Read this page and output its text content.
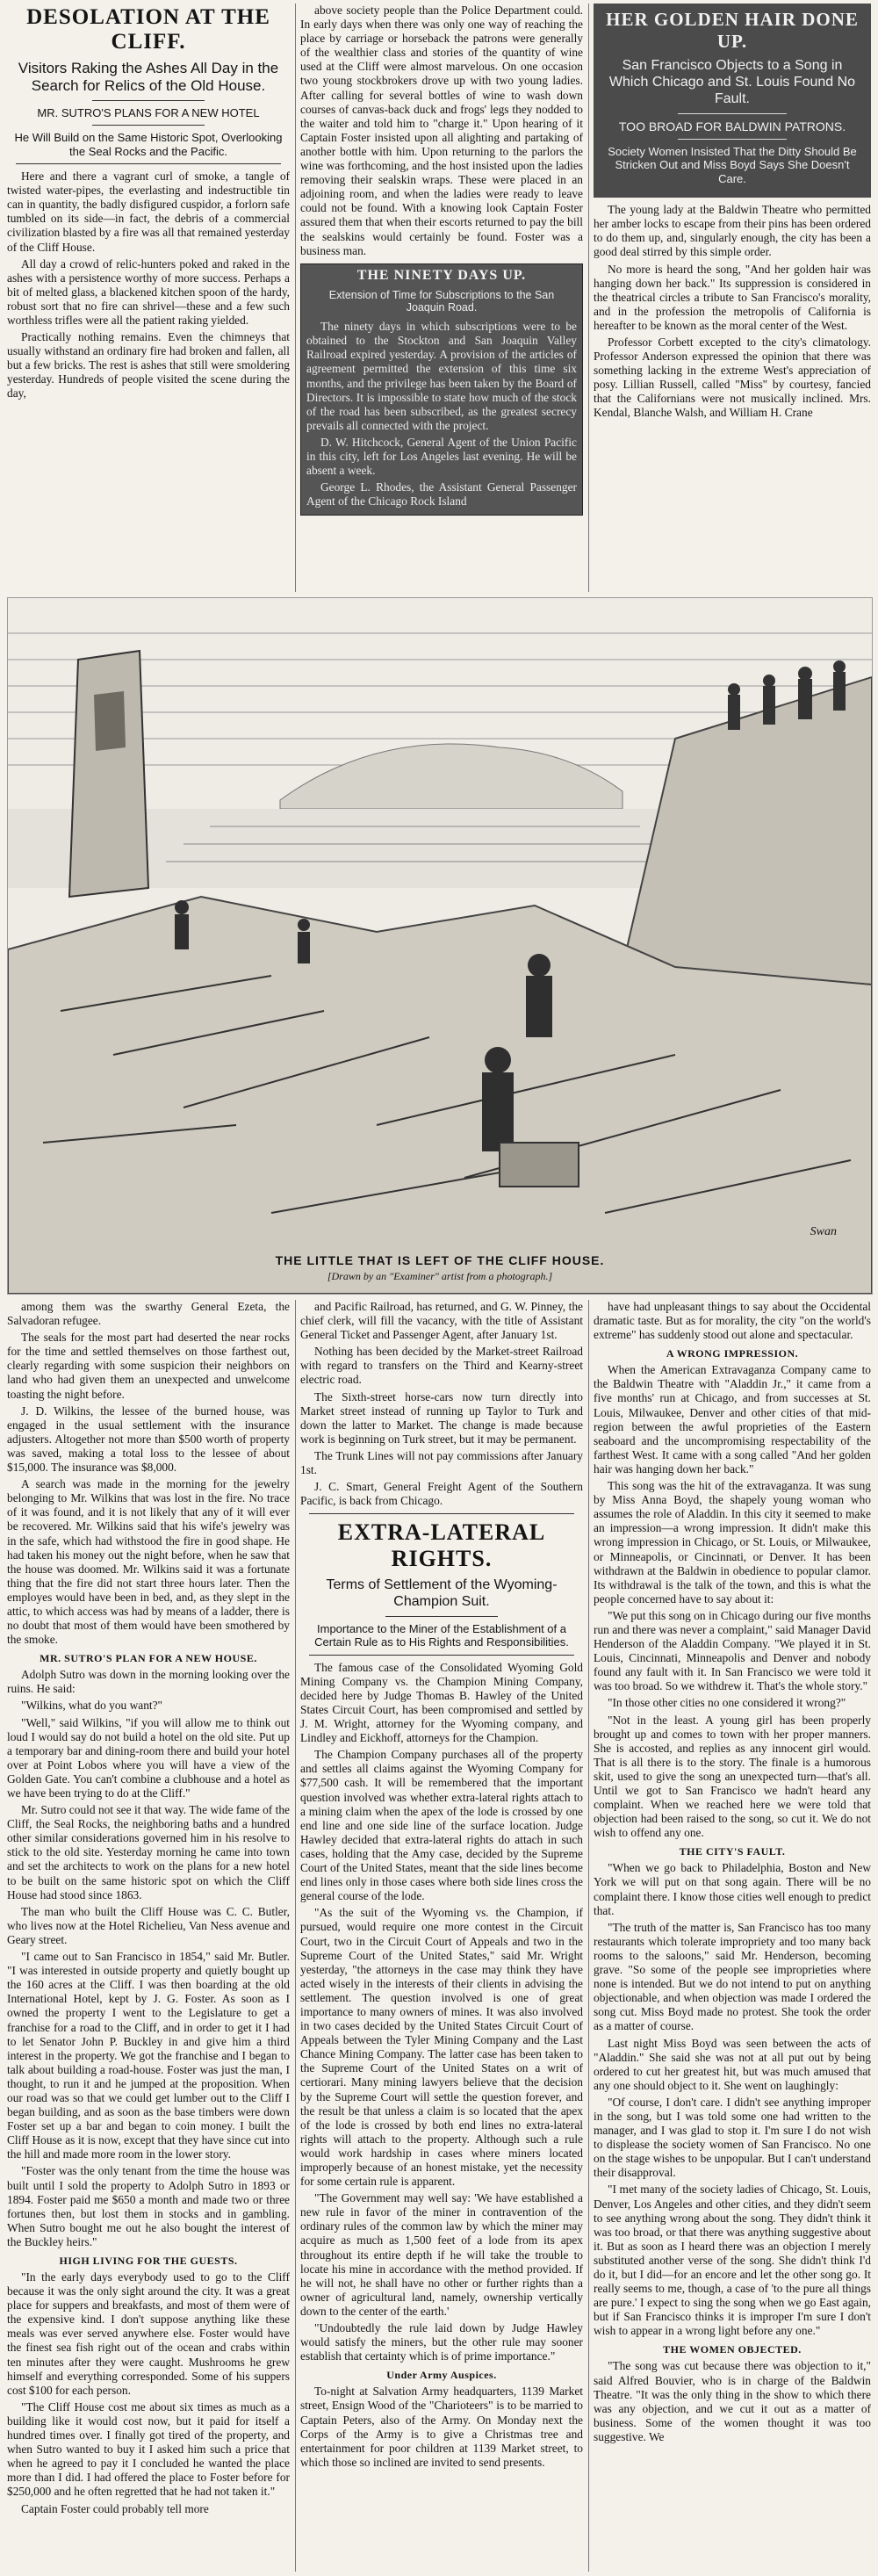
DESOLATION AT THE CLIFF.
Visitors Raking the Ashes All Day in the Search for Relics of the Old House.
MR. SUTRO'S PLANS FOR A NEW HOTEL
He Will Build on the Same Historic Spot, Overlooking the Seal Rocks and the Pacific.

Here and there a vagrant curl of smoke, a tangle of twisted water-pipes, the everlasting and indestructible tin can in quantity, the badly disfigured cuspidor, a forlorn safe tumbled on its side—in fact, the debris of a commercial civilization blasted by a fire was all that remained yesterday of the Cliff House.

All day a crowd of relic-hunters poked and raked in the ashes with a persistence worthy of more success. Perhaps a bit of melted glass, a blackened kitchen spoon of the hardy, robust sort that no fire can shrivel—these and a few such worthless trifles were all the patient raking yielded.

Practically nothing remains. Even the chimneys that usually withstand an ordinary fire had broken and fallen, all but a few bricks. The rest is ashes that still were smoldering yesterday. Hundreds of people visited the scene during the day,

above society people than the Police Department could. In early days when there was only one way of reaching the place by carriage or horseback the patrons were generally of the wealthier class and stories of the quantity of wine used at the Cliff were almost marvelous. On one occasion two young stockbrokers drove up with two young ladies. After calling for several bottles of wine to wash down courses of canvas-back duck and frogs' legs they nodded to the waiter and told him to "charge it." Upon hearing of it Captain Foster insisted upon all alighting and partaking of another bottle with him. Upon returning to the parlors the wine was forthcoming, and the host insisted upon the ladies removing their sealskin wraps. These were placed in an adjoining room, and when the ladies were ready to leave could not be found. With a knowing look Captain Foster assured them that when their escorts returned to pay the bill the sealskins would certainly be found. Foster was a business man.

THE NINETY DAYS UP.
Extension of Time for Subscriptions to the San Joaquin Road.

The ninety days in which subscriptions were to be obtained to the Stockton and San Joaquin Valley Railroad expired yesterday. A provision of the articles of agreement permitted the extension of this time six months, and the privilege has been taken by the Board of Directors. It is impossible to state how much of the stock of the road has been subscribed, as the greatest secrecy prevails all connected with the project.

D. W. Hitchcock, General Agent of the Union Pacific in this city, left for Los Angeles last evening. He will be absent a week.

George L. Rhodes, the Assistant General Passenger Agent of the Chicago Rock Island

HER GOLDEN HAIR DONE UP.
San Francisco Objects to a Song in Which Chicago and St. Louis Found No Fault.
TOO BROAD FOR BALDWIN PATRONS.
Society Women Insisted That the Ditty Should Be Stricken Out and Miss Boyd Says She Doesn't Care.

The young lady at the Baldwin Theatre who permitted her amber locks to escape from their pins has been ordered to do them up, and, singularly enough, the city has been a good deal stirred by this simple order.

No more is heard the song, "And her golden hair was hanging down her back." Its suppression is considered in the theatrical circles a tribute to San Francisco's morality, and in the profession the metropolis of California is hereafter to be known as the moral center of the West.

Professor Corbett excepted to the city's climatology. Professor Anderson expressed the opinion that there was something lacking in the extreme West's appreciation of posy. Lillian Russell, called "Miss" by courtesy, fancied that the Californians were not musically inclined. Mrs. Kendal, Blanche Walsh, and William H. Crane

Swan
THE LITTLE THAT IS LEFT OF THE CLIFF HOUSE.
[Drawn by an "Examiner" artist from a photograph.]

among them was the swarthy General Ezeta, the Salvadoran refugee.

The seals for the most part had deserted the near rocks for the time and settled themselves on those farthest out, clearly regarding with some suspicion their neighbors on land who had given them an unexpected and unwelcome toasting the night before.

J. D. Wilkins, the lessee of the burned house, was engaged in the usual settlement with the insurance adjusters. Altogether not more than $500 worth of property was saved, making a total loss to the lessee of about $15,000. The insurance was $8,000.

A search was made in the morning for the jewelry belonging to Mr. Wilkins that was lost in the fire. No trace of it was found, and it is not likely that any of it will ever be recovered. Mr. Wilkins said that his wife's jewelry was in the safe, which had withstood the fire in good shape. He had taken his money out the night before, when he saw that the house was doomed. Mr. Wilkins said it was a fortunate thing that the fire did not start three hours later. Then the employes would have been in bed, and, as they slept in the attic, to which access was had by means of a ladder, there is no doubt that most of them would have been smothered by the smoke.

MR. SUTRO'S PLAN FOR A NEW HOUSE.

Adolph Sutro was down in the morning looking over the ruins. He said:

"Wilkins, what do you want?"

"Well," said Wilkins, "if you will allow me to think out loud I would say do not build a hotel on the old site. Put up a temporary bar and dining-room there and build your hotel over at Point Lobos where you will have a view of the Golden Gate. You can't combine a clubhouse and a hotel as we have been trying to do at the Cliff."

Mr. Sutro could not see it that way. The wide fame of the Cliff, the Seal Rocks, the neighboring baths and a hundred other similar considerations governed him in his resolve to stick to the old site. Yesterday morning he came into town and set the architects to work on the plans for a new hotel to be built on the same historic spot on which the Cliff House had stood since 1863.

The man who built the Cliff House was C. C. Butler, who lives now at the Hotel Richelieu, Van Ness avenue and Geary street.

"I came out to San Francisco in 1854," said Mr. Butler. "I was interested in outside property and quietly bought up the 160 acres at the Cliff. I was then boarding at the old International Hotel, kept by J. G. Foster. As soon as I owned the property I went to the Legislature to get a franchise for a road to the Cliff, and in order to get it I had to let Senator John P. Buckley in and give him a third interest in the property. We got the franchise and I began to talk about building a road-house. Foster was just the man, I thought, to run it and he jumped at the proposition. When our road was so that we could get lumber out to the Cliff I began building, and as soon as the base timbers were down Foster set up a bar and began to coin money. I built the Cliff House as it is now, except that they have since cut into the hill and made more room in the lower story.

"Foster was the only tenant from the time the house was built until I sold the property to Adolph Sutro in 1893 or 1894. Foster paid me $650 a month and made two or three fortunes then, but lost them in stocks and in gambling. When Sutro bought me out he also bought the interest of the Buckley heirs."

HIGH LIVING FOR THE GUESTS.

"In the early days everybody used to go to the Cliff because it was the only sight around the city. It was a great place for suppers and breakfasts, and most of them were of the expensive kind. I don't suppose anything like these meals was ever served anywhere else. Foster would have the finest sea fish right out of the ocean and crabs within ten minutes after they were caught. Mushrooms he grew himself and everything corresponded. Some of his suppers cost $100 for each person.

"The Cliff House cost me about six times as much as a building like it would cost now, but it paid for itself a hundred times over. I finally got tired of the property, and when Sutro wanted to buy it I asked him such a price that when he agreed to pay it I concluded he wanted the place more than I did. I had offered the place to Foster before for $250,000 and he often regretted that he had not taken it."

Captain Foster could probably tell more

and Pacific Railroad, has returned, and G. W. Pinney, the chief clerk, will fill the vacancy, with the title of Assistant General Ticket and Passenger Agent, after January 1st.

Nothing has been decided by the Market-street Railroad with regard to transfers on the Third and Kearny-street electric road.

The Sixth-street horse-cars now turn directly into Market street instead of running up Taylor to Turk and down the latter to Market. The change is made because work is beginning on Turk street, but it may be permanent.

The Trunk Lines will not pay commissions after January 1st.

J. C. Smart, General Freight Agent of the Southern Pacific, is back from Chicago.

EXTRA-LATERAL RIGHTS.
Terms of Settlement of the Wyoming-Champion Suit.
Importance to the Miner of the Establishment of a Certain Rule as to His Rights and Responsibilities.

The famous case of the Consolidated Wyoming Gold Mining Company vs. the Champion Mining Company, decided here by Judge Thomas B. Hawley of the United States Circuit Court, has been compromised and settled by J. M. Wright, attorney for the Wyoming company, and Lindley and Eickhoff, attorneys for the Champion.

The Champion Company purchases all of the property and settles all claims against the Wyoming Company for $77,500 cash. It will be remembered that the important question involved was whether extra-lateral rights attach to a mining claim when the apex of the lode is crossed by one end line and one side line of the surface location. Judge Hawley decided that extra-lateral rights do attach in such cases, holding that the Amy case, decided by the Supreme Court of the United States, meant that the side lines become end lines only in those cases where both side lines cross the general course of the lode.

"As the suit of the Wyoming vs. the Champion, if pursued, would require one more contest in the Circuit Court, two in the Circuit Court of Appeals and two in the Supreme Court of the United States," said Mr. Wright yesterday, "the attorneys in the case may think they have acted wisely in the interests of their clients in advising the settlement. The question involved is one of great importance to many owners of mines. It was also involved in two cases decided by the United States Circuit Court of Appeals between the Tyler Mining Company and the Last Chance Mining Company. The latter case has been taken to the Supreme Court of the United States on a writ of certiorari. Many mining lawyers believe that the decision by the Supreme Court will settle the question forever, and the result be that unless a claim is so located that the apex of the lode is crossed by both end lines no extra-lateral rights will attach to the property. Although such a rule would work hardship in cases where miners located improperly because of an honest mistake, yet the necessity for some certain rule is apparent.

"The Government may well say: 'We have established a new rule in favor of the miner in contravention of the ordinary rules of the common law by which the miner may acquire as much as 1,500 feet of a lode from its apex throughout its entire depth if he will take the trouble to locate his mine in accordance with the method provided. If he will not, he shall have no other or further rights than a owner of agricultural land, namely, ownership vertically down to the center of the earth.'

"Undoubtedly the rule laid down by Judge Hawley would satisfy the miners, but the other rule may sooner establish that certainty which is of prime importance."

Under Army Auspices.

To-night at Salvation Army headquarters, 1139 Market street, Ensign Wood of the "Charioteers" is to be married to Captain Peters, also of the Army. On Monday next the Corps of the Army is to give a Christmas tree and entertainment for poor children at 1139 Market street, to which those so inclined are invited to send presents.

have had unpleasant things to say about the Occidental dramatic taste. But as for morality, the city "on the world's extreme" has suddenly stood out alone and spectacular.

A WRONG IMPRESSION.

When the American Extravaganza Company came to the Baldwin Theatre with "Aladdin Jr.," it came from a five months' run at Chicago, and from successes at St. Louis, Milwaukee, Denver and other cities of that mid-region between the awful proprieties of the Eastern seaboard and the uncompromising respectability of the farthest West. It came with a song called "And her golden hair was hanging down her back."

This song was the hit of the extravaganza. It was sung by Miss Anna Boyd, the shapely young woman who assumes the role of Aladdin. In this city it seemed to make an impression—a wrong impression. It didn't make this wrong impression in Chicago, or St. Louis, or Milwaukee, or Minneapolis, or Cincinnati, or Denver. It has been withdrawn at the Baldwin in obedience to popular clamor. Its withdrawal is the talk of the town, and this is what the people concerned have to say about it:

"We put this song on in Chicago during our five months run and there was never a complaint," said Manager David Henderson of the Aladdin Company. "We played it in St. Louis, Cincinnati, Minneapolis and Denver and nobody found any fault with it. In San Francisco we were told it was too broad. So we withdrew it. That's the whole story."

"In those other cities no one considered it wrong?"

"Not in the least. A young girl has been properly brought up and comes to town with her proper manners. She is accosted, and replies as any innocent girl would. That is all there is to the story. The finale is a humorous skit, used to give the song an unexpected turn—that's all. Until we got to San Francisco we hadn't heard any complaint. When we reached here we were told that objection had been raised to the song, so cut it. We do not wish to offend any one.

THE CITY'S FAULT.

"When we go back to Philadelphia, Boston and New York we will put on that song again. There will be no complaint there. I know those cities well enough to predict that.

"The truth of the matter is, San Francisco has too many restaurants which tolerate impropriety and too many back rooms to the saloons," said Mr. Henderson, becoming grave. "So some of the people see improprieties where none is intended. But we do not intend to put on anything objectionable, and when objection was made I ordered the song cut. Miss Boyd made no protest. She took the order as a matter of course.

Last night Miss Boyd was seen between the acts of "Aladdin." She said she was not at all put out by being ordered to cut her greatest hit, but was much amused that any one should object to it. She went on laughingly:

"Of course, I don't care. I didn't see anything improper in the song, but I was told some one had written to the manager, and I was glad to stop it. I'm sure I do not wish to displease the society women of San Francisco. No one on the stage wishes to be unpopular. But I can't understand their disapproval.

"I met many of the society ladies of Chicago, St. Louis, Denver, Los Angeles and other cities, and they didn't seem to see anything wrong about the song. They didn't think it was too broad, or that there was anything suggestive about it. But as soon as I heard there was an objection I merely substituted another verse of the song. She didn't think I'd do it, but I did—for an encore and let the other song go. It really seems to me, though, a case of 'to the pure all things are pure.' I expect to sing the song when we go East again, but if San Francisco thinks it is improper I'm sure I don't wish to appear in a wrong light before any one."

THE WOMEN OBJECTED.

"The song was cut because there was objection to it," said Alfred Bouvier, who is in charge of the Baldwin Theatre. "It was the only thing in the show to which there was any objection, and we cut it out as a matter of business. Some of the women thought it was too suggestive. We
